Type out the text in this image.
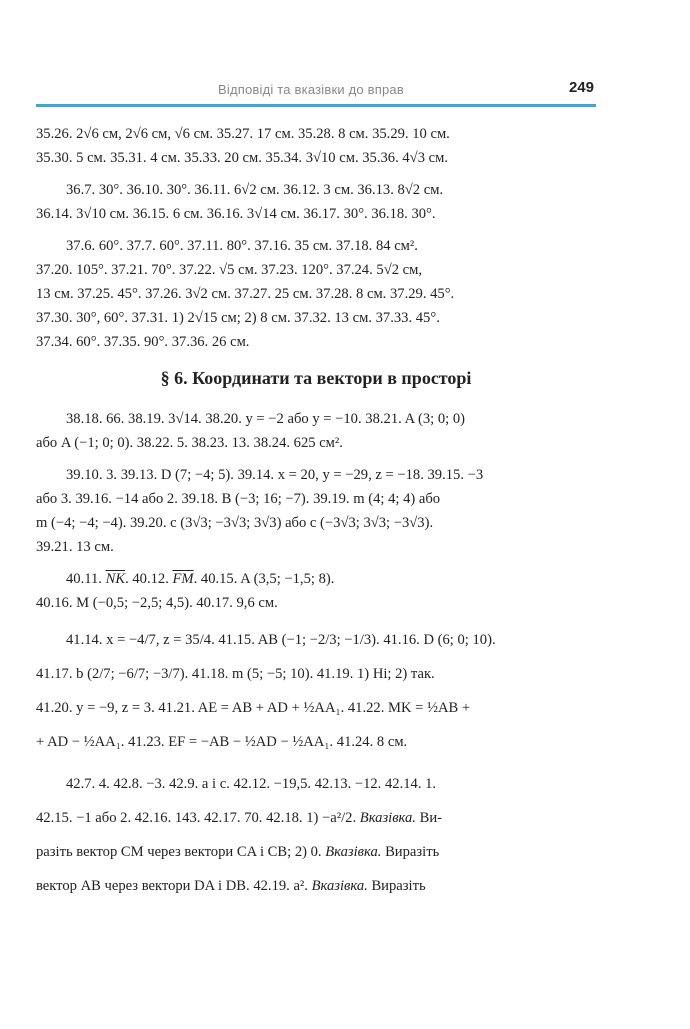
Відповіді та вказівки до вправ	249
35.26. 2√6 см, 2√6 см, √6 см. 35.27. 17 см. 35.28. 8 см. 35.29. 10 см.
35.30. 5 см. 35.31. 4 см. 35.33. 20 см. 35.34. 3√10 см. 35.36. 4√3 см.
36.7. 30°. 36.10. 30°. 36.11. 6√2 см. 36.12. 3 см. 36.13. 8√2 см.
36.14. 3√10 см. 36.15. 6 см. 36.16. 3√14 см. 36.17. 30°. 36.18. 30°.
37.6. 60°. 37.7. 60°. 37.11. 80°. 37.16. 35 см. 37.18. 84 см².
37.20. 105°. 37.21. 70°. 37.22. √5 см. 37.23. 120°. 37.24. 5√2 см,
13 см. 37.25. 45°. 37.26. 3√2 см. 37.27. 25 см. 37.28. 8 см. 37.29. 45°.
37.30. 30°, 60°. 37.31. 1) 2√15 см; 2) 8 см. 37.32. 13 см. 37.33. 45°.
37.34. 60°. 37.35. 90°. 37.36. 26 см.
§ 6. Координати та вектори в просторі
38.18. 66. 38.19. 3√14. 38.20. y = −2 або y = −10. 38.21. A (3; 0; 0)
або A (−1; 0; 0). 38.22. 5. 38.23. 13. 38.24. 625 см².
39.10. 3. 39.13. D (7; −4; 5). 39.14. x = 20, y = −29, z = −18. 39.15. −3
або 3. 39.16. −14 або 2. 39.18. B (−3; 16; −7). 39.19. m (4; 4; 4) або
m (−4; −4; −4). 39.20. c (3√3; −3√3; 3√3) або c (−3√3; 3√3; −3√3).
39.21. 13 см.
40.11. $\overline{NK}$. 40.12. $\overline{FM}$. 40.15. A (3,5; −1,5; 8).
40.16. M (−0,5; −2,5; 4,5). 40.17. 9,6 см.
41.14. x = −4/7, z = 35/4. 41.15. AB (−1; −2/3; −1/3). 41.16. D (6; 0; 10).
41.17. b (2/7; −6/7; −3/7). 41.18. m (5; −5; 10). 41.19. 1) Ні; 2) так.
41.20. y = −9, z = 3. 41.21. AE = AB + AD + ½AA₁. 41.22. MK = ½AB +
+ AD − ½AA₁. 41.23. EF = −AB − ½AD − ½AA₁. 41.24. 8 см.
42.7. 4. 42.8. −3. 42.9. a і c. 42.12. −19,5. 42.13. −12. 42.14. 1.
42.15. −1 або 2. 42.16. 143. 42.17. 70. 42.18. 1) −a²/2. Вказівка. Ви-
разіть вектор CM через вектори CA і CB; 2) 0. Вказівка. Виразіть
вектор AB через вектори DA і DB. 42.19. a². Вказівка. Виразіть
